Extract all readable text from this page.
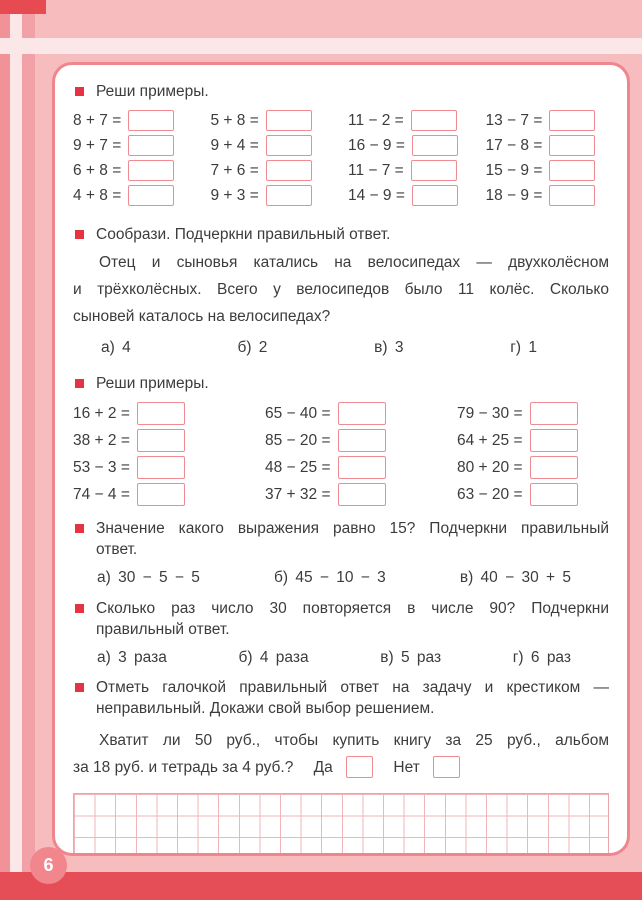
Реши примеры.
8 + 7 =	5 + 8 =	11 − 2 =	13 − 7 =
9 + 7 =	9 + 4 =	16 − 9 =	17 − 8 =
6 + 8 =	7 + 6 =	11 − 7 =	15 − 9 =
4 + 8 =	9 + 3 =	14 − 9 =	18 − 9 =
Сообрази. Подчеркни правильный ответ.
Отец и сыновья катались на велосипедах — двухколёсном
и трёхколёсных. Всего у велосипедов было 11 колёс. Сколько
сыновей каталось на велосипедах?
а) 4	б) 2	в) 3	г) 1
Реши примеры.
16 + 2 =	65 − 40 =	79 − 30 =
38 + 2 =	85 − 20 =	64 + 25 =
53 − 3 =	48 − 25 =	80 + 20 =
74 − 4 =	37 + 32 =	63 − 20 =
Значение какого выражения равно 15? Подчеркни правильный
ответ.
а) 30 − 5 − 5	б) 45 − 10 − 3	в) 40 − 30 + 5
Сколько раз число 30 повторяется в числе 90? Подчеркни
правильный ответ.
а) 3 раза	б) 4 раза	в) 5 раз	г) 6 раз
Отметь галочкой правильный ответ на задачу и крестиком —
неправильный. Докажи свой выбор решением.
Хватит ли 50 руб., чтобы купить книгу за 25 руб., альбом
за 18 руб. и тетрадь за 4 руб.? Да	Нет
6
